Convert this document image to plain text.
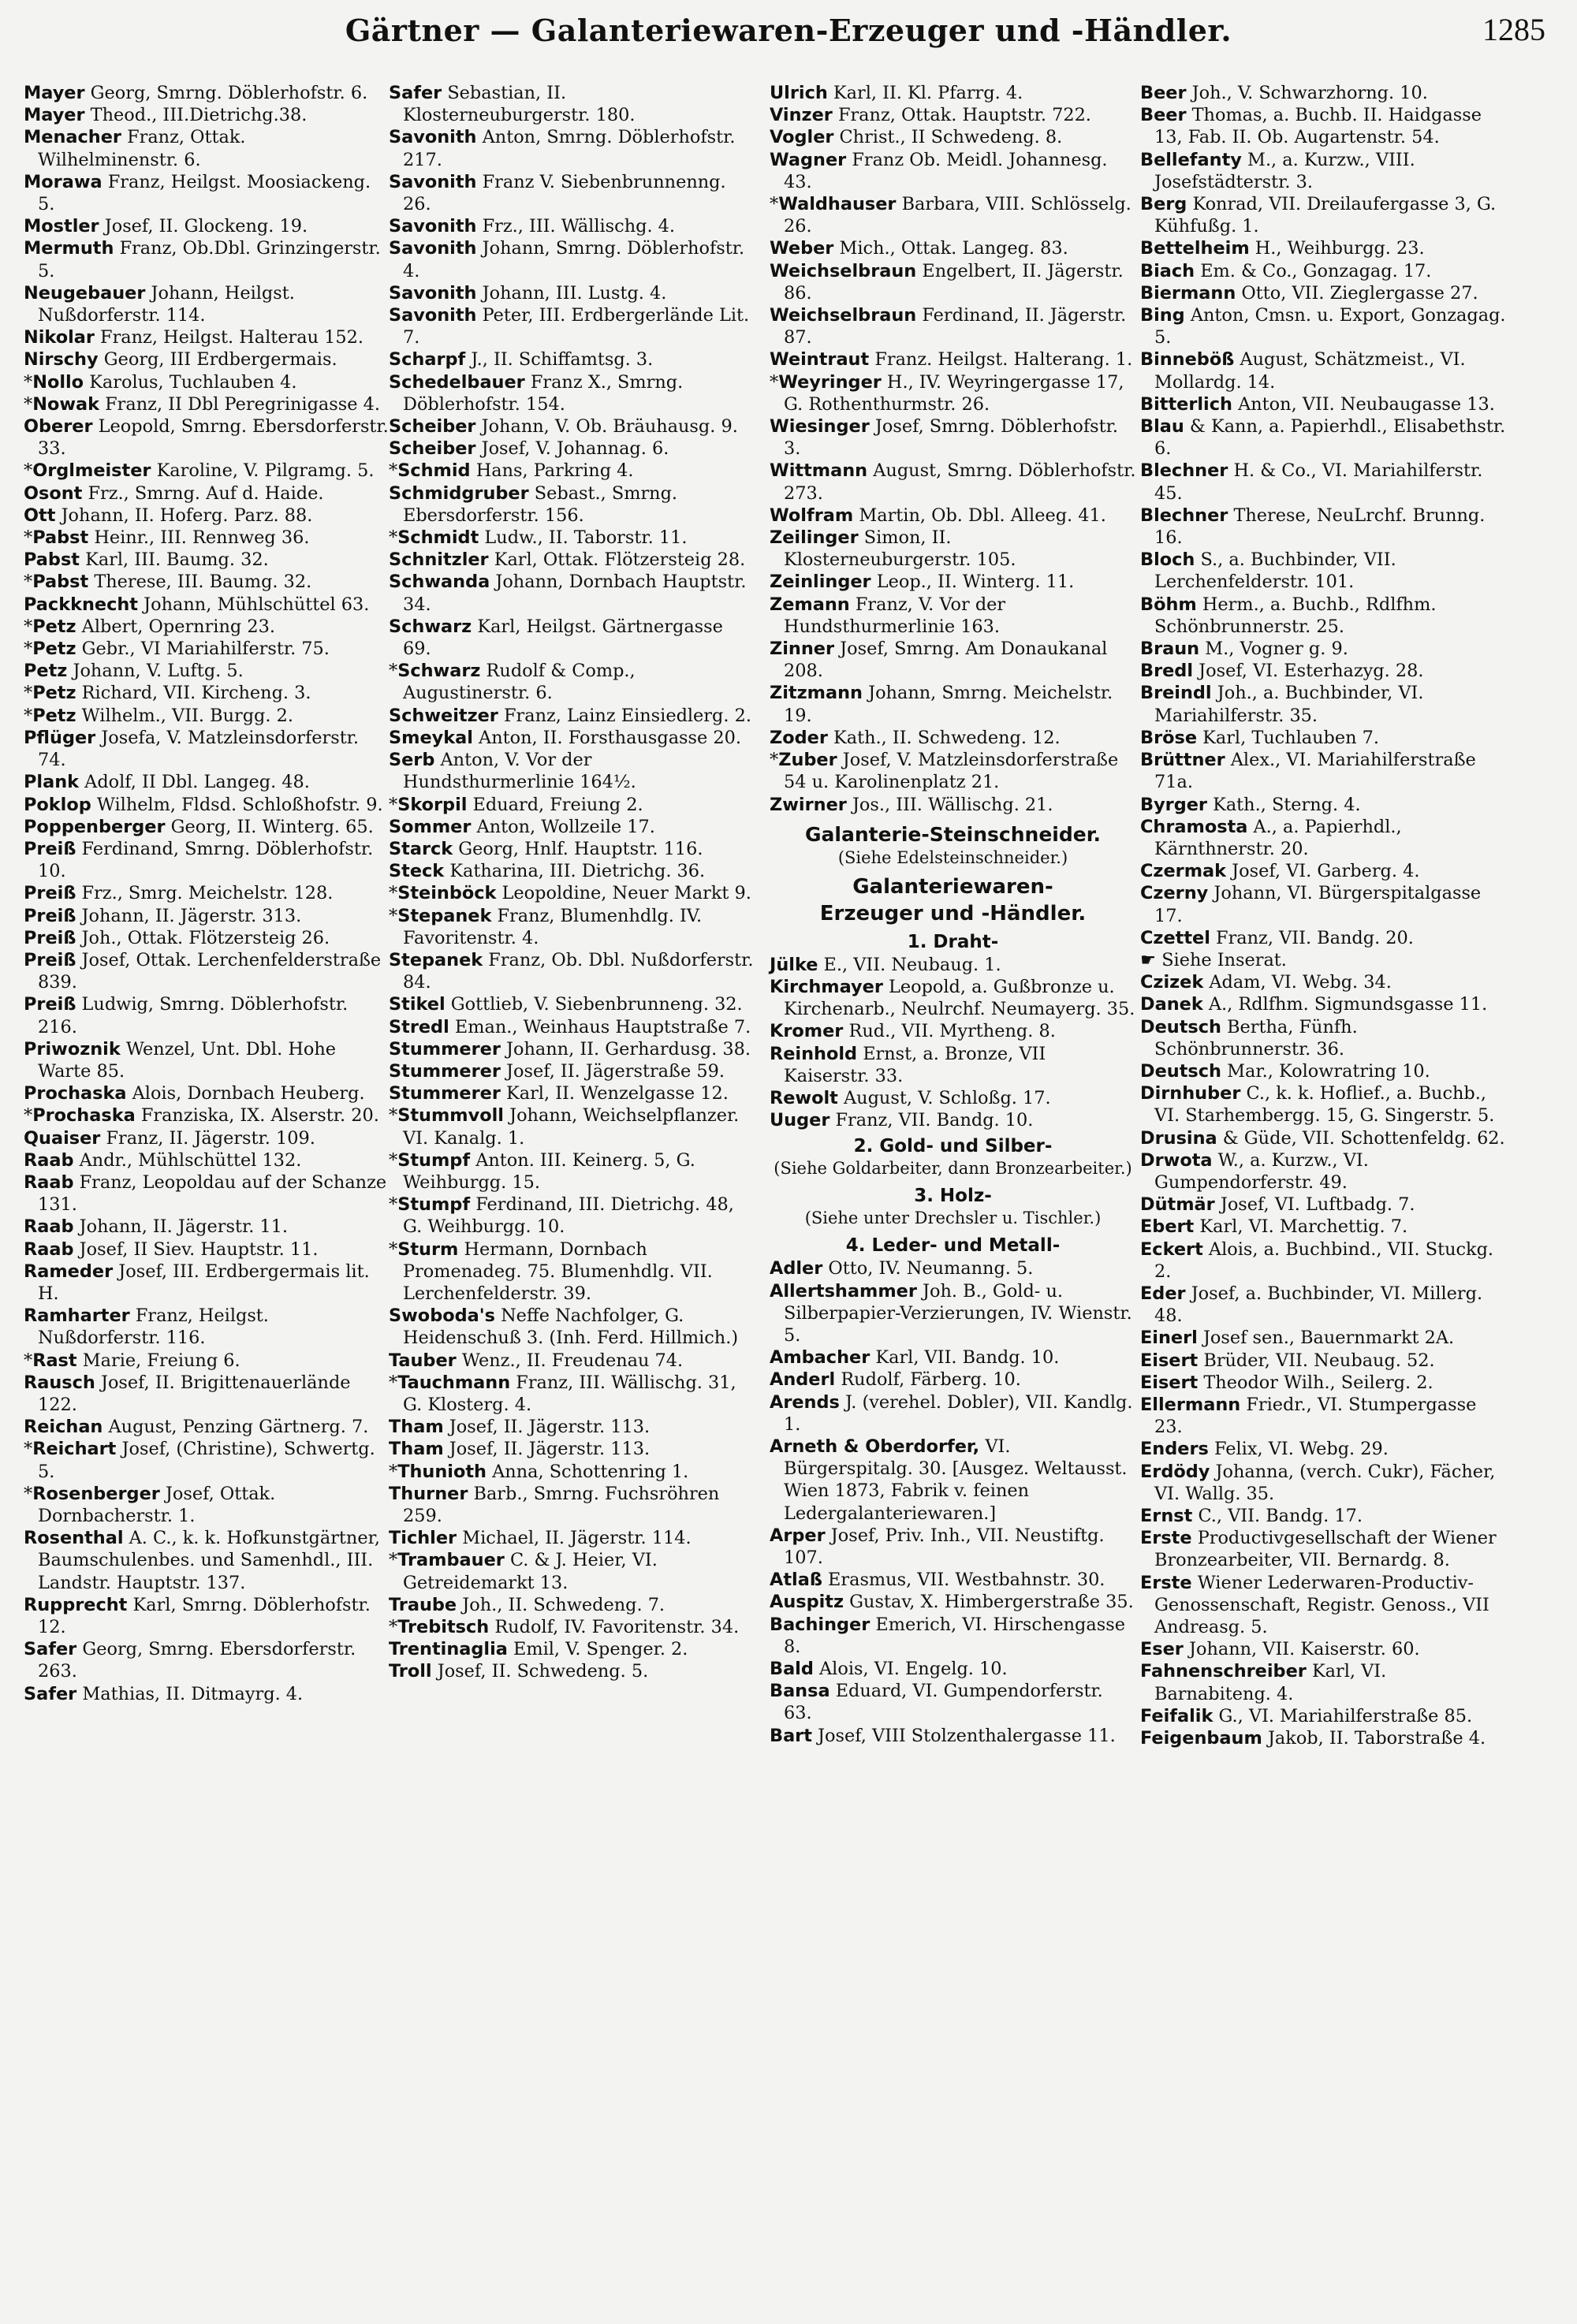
Gärtner — Galanteriewaren-Erzeuger und -Händler.	1285

Mayer Georg, Smrng. Döblerhofstr. 6.

Mayer Theod., III.Dietrichg.38.

Menacher Franz, Ottak. Wilhelminenstr. 6.

Morawa Franz, Heilgst. Moosiackeng. 5.

Mostler Josef, II. Glockeng. 19.

Mermuth Franz, Ob.Dbl. Grinzingerstr. 5.

Neugebauer Johann, Heilgst. Nußdorferstr. 114.

Nikolar Franz, Heilgst. Halterau 152.

Nirschy Georg, III Erdbergermais.

*Nollo Karolus, Tuchlauben 4.

*Nowak Franz, II Dbl Peregrinigasse 4.

Oberer Leopold, Smrng. Ebersdorferstr. 33.

*Orglmeister Karoline, V. Pilgramg. 5.

Osont Frz., Smrng. Auf d. Haide.

Ott Johann, II. Hoferg. Parz. 88.

*Pabst Heinr., III. Rennweg 36.

Pabst Karl, III. Baumg. 32.

*Pabst Therese, III. Baumg. 32.

Packknecht Johann, Mühlschüttel 63.

*Petz Albert, Opernring 23.

*Petz Gebr., VI Mariahilferstr. 75.

Petz Johann, V. Luftg. 5.

*Petz Richard, VII. Kircheng. 3.

*Petz Wilhelm., VII. Burgg. 2.

Pflüger Josefa, V. Matzleinsdorferstr. 74.

Plank Adolf, II Dbl. Langeg. 48.

Poklop Wilhelm, Fldsd. Schloßhofstr. 9.

Poppenberger Georg, II. Winterg. 65.

Preiß Ferdinand, Smrng. Döblerhofstr. 10.

Preiß Frz., Smrg. Meichelstr. 128.

Preiß Johann, II. Jägerstr. 313.

Preiß Joh., Ottak. Flötzersteig 26.

Preiß Josef, Ottak. Lerchenfelderstraße 839.

Preiß Ludwig, Smrng. Döblerhofstr. 216.

Priwoznik Wenzel, Unt. Dbl. Hohe Warte 85.

Prochaska Alois, Dornbach Heuberg.

*Prochaska Franziska, IX. Alserstr. 20.

Quaiser Franz, II. Jägerstr. 109.

Raab Andr., Mühlschüttel 132.

Raab Franz, Leopoldau auf der Schanze 131.

Raab Johann, II. Jägerstr. 11.

Raab Josef, II Siev. Hauptstr. 11.

Rameder Josef, III. Erdbergermais lit. H.

Ramharter Franz, Heilgst. Nußdorferstr. 116.

*Rast Marie, Freiung 6.

Rausch Josef, II. Brigittenauerlände 122.

Reichan August, Penzing Gärtnerg. 7.

*Reichart Josef, (Christine), Schwertg. 5.

*Rosenberger Josef, Ottak. Dornbacherstr. 1.

Rosenthal A. C., k. k. Hofkunstgärtner, Baumschulenbes. und Samenhdl., III. Landstr. Hauptstr. 137.

Rupprecht Karl, Smrng. Döblerhofstr. 12.

Safer Georg, Smrng. Ebersdorferstr. 263.

Safer Mathias, II. Ditmayrg. 4.

Safer Sebastian, II. Klosterneuburgerstr. 180.

Savonith Anton, Smrng. Döblerhofstr. 217.

Savonith Franz V. Siebenbrunnenng. 26.

Savonith Frz., III. Wällischg. 4.

Savonith Johann, Smrng. Döblerhofstr. 4.

Savonith Johann, III. Lustg. 4.

Savonith Peter, III. Erdbergerlände Lit. 7.

Scharpf J., II. Schiffamtsg. 3.

Schedelbauer Franz X., Smrng. Döblerhofstr. 154.

Scheiber Johann, V. Ob. Bräuhausg. 9.

Scheiber Josef, V. Johannag. 6.

*Schmid Hans, Parkring 4.

Schmidgruber Sebast., Smrng. Ebersdorferstr. 156.

*Schmidt Ludw., II. Taborstr. 11.

Schnitzler Karl, Ottak. Flötzersteig 28.

Schwanda Johann, Dornbach Hauptstr. 34.

Schwarz Karl, Heilgst. Gärtnergasse 69.

*Schwarz Rudolf & Comp., Augustinerstr. 6.

Schweitzer Franz, Lainz Einsiedlerg. 2.

Smeykal Anton, II. Forsthausgasse 20.

Serb Anton, V. Vor der Hundsthurmerlinie 164½.

*Skorpil Eduard, Freiung 2.

Sommer Anton, Wollzeile 17.

Starck Georg, Hnlf. Hauptstr. 116.

Steck Katharina, III. Dietrichg. 36.

*Steinböck Leopoldine, Neuer Markt 9.

*Stepanek Franz, Blumenhdlg. IV. Favoritenstr. 4.

Stepanek Franz, Ob. Dbl. Nußdorferstr. 84.

Stikel Gottlieb, V. Siebenbrunneng. 32.

Stredl Eman., Weinhaus Hauptstraße 7.

Stummerer Johann, II. Gerhardusg. 38.

Stummerer Josef, II. Jägerstraße 59.

Stummerer Karl, II. Wenzelgasse 12.

*Stummvoll Johann, Weichselpflanzer. VI. Kanalg. 1.

*Stumpf Anton. III. Keinerg. 5, G. Weihburgg. 15.

*Stumpf Ferdinand, III. Dietrichg. 48, G. Weihburgg. 10.

*Sturm Hermann, Dornbach Promenadeg. 75. Blumenhdlg. VII. Lerchenfelderstr. 39.

Swoboda's Neffe Nachfolger, G. Heidenschuß 3. (Inh. Ferd. Hillmich.)

Tauber Wenz., II. Freudenau 74.

*Tauchmann Franz, III. Wällischg. 31, G. Klosterg. 4.

Tham Josef, II. Jägerstr. 113.

Tham Josef, II. Jägerstr. 113.

*Thunioth Anna, Schottenring 1.

Thurner Barb., Smrng. Fuchsröhren 259.

Tichler Michael, II. Jägerstr. 114.

*Trambauer C. & J. Heier, VI. Getreidemarkt 13.

Traube Joh., II. Schwedeng. 7.

*Trebitsch Rudolf, IV. Favoritenstr. 34.

Trentinaglia Emil, V. Spenger. 2.

Troll Josef, II. Schwedeng. 5.

Ulrich Karl, II. Kl. Pfarrg. 4.

Vinzer Franz, Ottak. Hauptstr. 722.

Vogler Christ., II Schwedeng. 8.

Wagner Franz Ob. Meidl. Johannesg. 43.

*Waldhauser Barbara, VIII. Schlösselg. 26.

Weber Mich., Ottak. Langeg. 83.

Weichselbraun Engelbert, II. Jägerstr. 86.

Weichselbraun Ferdinand, II. Jägerstr. 87.

Weintraut Franz. Heilgst. Halterang. 1.

*Weyringer H., IV. Weyringergasse 17, G. Rothenthurmstr. 26.

Wiesinger Josef, Smrng. Döblerhofstr. 3.

Wittmann August, Smrng. Döblerhofstr. 273.

Wolfram Martin, Ob. Dbl. Alleeg. 41.

Zeilinger Simon, II. Klosterneuburgerstr. 105.

Zeinlinger Leop., II. Winterg. 11.

Zemann Franz, V. Vor der Hundsthurmerlinie 163.

Zinner Josef, Smrng. Am Donaukanal 208.

Zitzmann Johann, Smrng. Meichelstr. 19.

Zoder Kath., II. Schwedeng. 12.

*Zuber Josef, V. Matzleinsdorferstraße 54 u. Karolinenplatz 21.

Zwirner Jos., III. Wällischg. 21.

Galanterie-Steinschneider.
(Siehe Edelsteinschneider.)
Galanteriewaren-
Erzeuger und -Händler.
1. Draht-

Jülke E., VII. Neubaug. 1.

Kirchmayer Leopold, a. Gußbronze u. Kirchenarb., Neulrchf. Neumayerg. 35.

Kromer Rud., VII. Myrtheng. 8.

Reinhold Ernst, a. Bronze, VII Kaiserstr. 33.

Rewolt August, V. Schloßg. 17.

Uuger Franz, VII. Bandg. 10.

2. Gold- und Silber-
(Siehe Goldarbeiter, dann Bronzearbeiter.)
3. Holz-
(Siehe unter Drechsler u. Tischler.)
4. Leder- und Metall-

Adler Otto, IV. Neumanng. 5.

Allertshammer Joh. B., Gold- u. Silberpapier-Verzierungen, IV. Wienstr. 5.

Ambacher Karl, VII. Bandg. 10.

Anderl Rudolf, Färberg. 10.

Arends J. (verehel. Dobler), VII. Kandlg. 1.

Arneth & Oberdorfer, VI. Bürgerspitalg. 30. [Ausgez. Weltausst. Wien 1873, Fabrik v. feinen Ledergalanteriewaren.]

Arper Josef, Priv. Inh., VII. Neustiftg. 107.

Atlaß Erasmus, VII. Westbahnstr. 30.

Auspitz Gustav, X. Himbergerstraße 35.

Bachinger Emerich, VI. Hirschengasse 8.

Bald Alois, VI. Engelg. 10.

Bansa Eduard, VI. Gumpendorferstr. 63.

Bart Josef, VIII Stolzenthalergasse 11.

Beer Joh., V. Schwarzhorng. 10.

Beer Thomas, a. Buchb. II. Haidgasse 13, Fab. II. Ob. Augartenstr. 54.

Bellefanty M., a. Kurzw., VIII. Josefstädterstr. 3.

Berg Konrad, VII. Dreilaufergasse 3, G. Kühfußg. 1.

Bettelheim H., Weihburgg. 23.

Biach Em. & Co., Gonzagag. 17.

Biermann Otto, VII. Zieglergasse 27.

Bing Anton, Cmsn. u. Export, Gonzagag. 5.

Binneböß August, Schätzmeist., VI. Mollardg. 14.

Bitterlich Anton, VII. Neubaugasse 13.

Blau & Kann, a. Papierhdl., Elisabethstr. 6.

Blechner H. & Co., VI. Mariahilferstr. 45.

Blechner Therese, NeuLrchf. Brunng. 16.

Bloch S., a. Buchbinder, VII. Lerchenfelderstr. 101.

Böhm Herm., a. Buchb., Rdlfhm. Schönbrunnerstr. 25.

Braun M., Vogner g. 9.

Bredl Josef, VI. Esterhazyg. 28.

Breindl Joh., a. Buchbinder, VI. Mariahilferstr. 35.

Bröse Karl, Tuchlauben 7.

Brüttner Alex., VI. Mariahilferstraße 71a.

Byrger Kath., Sterng. 4.

Chramosta A., a. Papierhdl., Kärnthnerstr. 20.

Czermak Josef, VI. Garberg. 4.

Czerny Johann, VI. Bürgerspitalgasse 17.

Czettel Franz, VII. Bandg. 20.

☛ Siehe Inserat.

Czizek Adam, VI. Webg. 34.

Danek A., Rdlfhm. Sigmundsgasse 11.

Deutsch Bertha, Fünfh. Schönbrunnerstr. 36.

Deutsch Mar., Kolowratring 10.

Dirnhuber C., k. k. Hoflief., a. Buchb., VI. Starhembergg. 15, G. Singerstr. 5.

Drusina & Güde, VII. Schottenfeldg. 62.

Drwota W., a. Kurzw., VI. Gumpendorferstr. 49.

Dütmär Josef, VI. Luftbadg. 7.

Ebert Karl, VI. Marchettig. 7.

Eckert Alois, a. Buchbind., VII. Stuckg. 2.

Eder Josef, a. Buchbinder, VI. Millerg. 48.

Einerl Josef sen., Bauernmarkt 2A.

Eisert Brüder, VII. Neubaug. 52.

Eisert Theodor Wilh., Seilerg. 2.

Ellermann Friedr., VI. Stumpergasse 23.

Enders Felix, VI. Webg. 29.

Erdödy Johanna, (verch. Cukr), Fächer, VI. Wallg. 35.

Ernst C., VII. Bandg. 17.

Erste Productivgesellschaft der Wiener Bronzearbeiter, VII. Bernardg. 8.

Erste Wiener Lederwaren-Productiv-Genossenschaft, Registr. Genoss., VII Andreasg. 5.

Eser Johann, VII. Kaiserstr. 60.

Fahnenschreiber Karl, VI. Barnabiteng. 4.

Feifalik G., VI. Mariahilferstraße 85.

Feigenbaum Jakob, II. Taborstraße 4.
